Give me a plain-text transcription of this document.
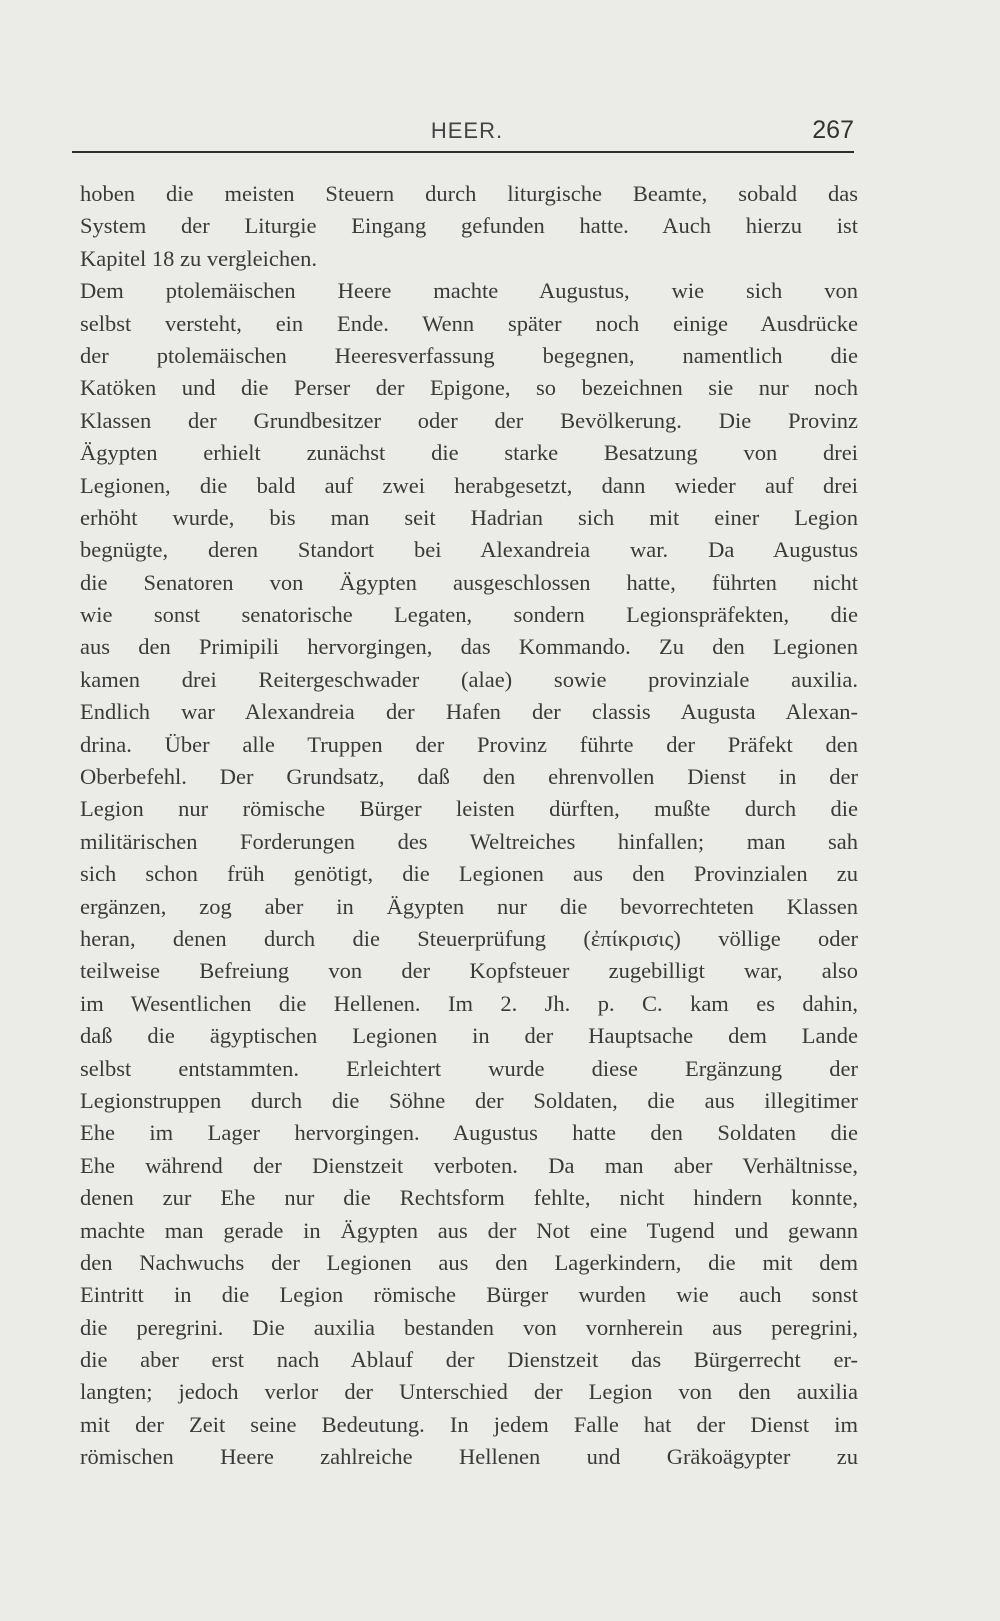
HEER.	267
hoben die meisten Steuern durch liturgische Beamte, sobald das
System der Liturgie Eingang gefunden hatte. Auch hierzu ist
Kapitel 18 zu vergleichen.
Dem ptolemäischen Heere machte Augustus, wie sich von
selbst versteht, ein Ende. Wenn später noch einige Ausdrücke
der ptolemäischen Heeresverfassung begegnen, namentlich die
Katöken und die Perser der Epigone, so bezeichnen sie nur noch
Klassen der Grundbesitzer oder der Bevölkerung. Die Provinz
Ägypten erhielt zunächst die starke Besatzung von drei
Legionen, die bald auf zwei herabgesetzt, dann wieder auf drei
erhöht wurde, bis man seit Hadrian sich mit einer Legion
begnügte, deren Standort bei Alexandreia war. Da Augustus
die Senatoren von Ägypten ausgeschlossen hatte, führten nicht
wie sonst senatorische Legaten, sondern Legionspräfekten, die
aus den Primipili hervorgingen, das Kommando. Zu den Legionen
kamen drei Reitergeschwader (alae) sowie provinziale auxilia.
Endlich war Alexandreia der Hafen der classis Augusta Alexan-
drina. Über alle Truppen der Provinz führte der Präfekt den
Oberbefehl. Der Grundsatz, daß den ehrenvollen Dienst in der
Legion nur römische Bürger leisten dürften, mußte durch die
militärischen Forderungen des Weltreiches hinfallen; man sah
sich schon früh genötigt, die Legionen aus den Provinzialen zu
ergänzen, zog aber in Ägypten nur die bevorrechteten Klassen
heran, denen durch die Steuerprüfung (ἐπίκρισις) völlige oder
teilweise Befreiung von der Kopfsteuer zugebilligt war, also
im Wesentlichen die Hellenen. Im 2. Jh. p. C. kam es dahin,
daß die ägyptischen Legionen in der Hauptsache dem Lande
selbst entstammten. Erleichtert wurde diese Ergänzung der
Legionstruppen durch die Söhne der Soldaten, die aus illegitimer
Ehe im Lager hervorgingen. Augustus hatte den Soldaten die
Ehe während der Dienstzeit verboten. Da man aber Verhältnisse,
denen zur Ehe nur die Rechtsform fehlte, nicht hindern konnte,
machte man gerade in Ägypten aus der Not eine Tugend und gewann
den Nachwuchs der Legionen aus den Lagerkindern, die mit dem
Eintritt in die Legion römische Bürger wurden wie auch sonst
die peregrini. Die auxilia bestanden von vornherein aus peregrini,
die aber erst nach Ablauf der Dienstzeit das Bürgerrecht er-
langten; jedoch verlor der Unterschied der Legion von den auxilia
mit der Zeit seine Bedeutung. In jedem Falle hat der Dienst im
römischen Heere zahlreiche Hellenen und Gräkoägypter zu
